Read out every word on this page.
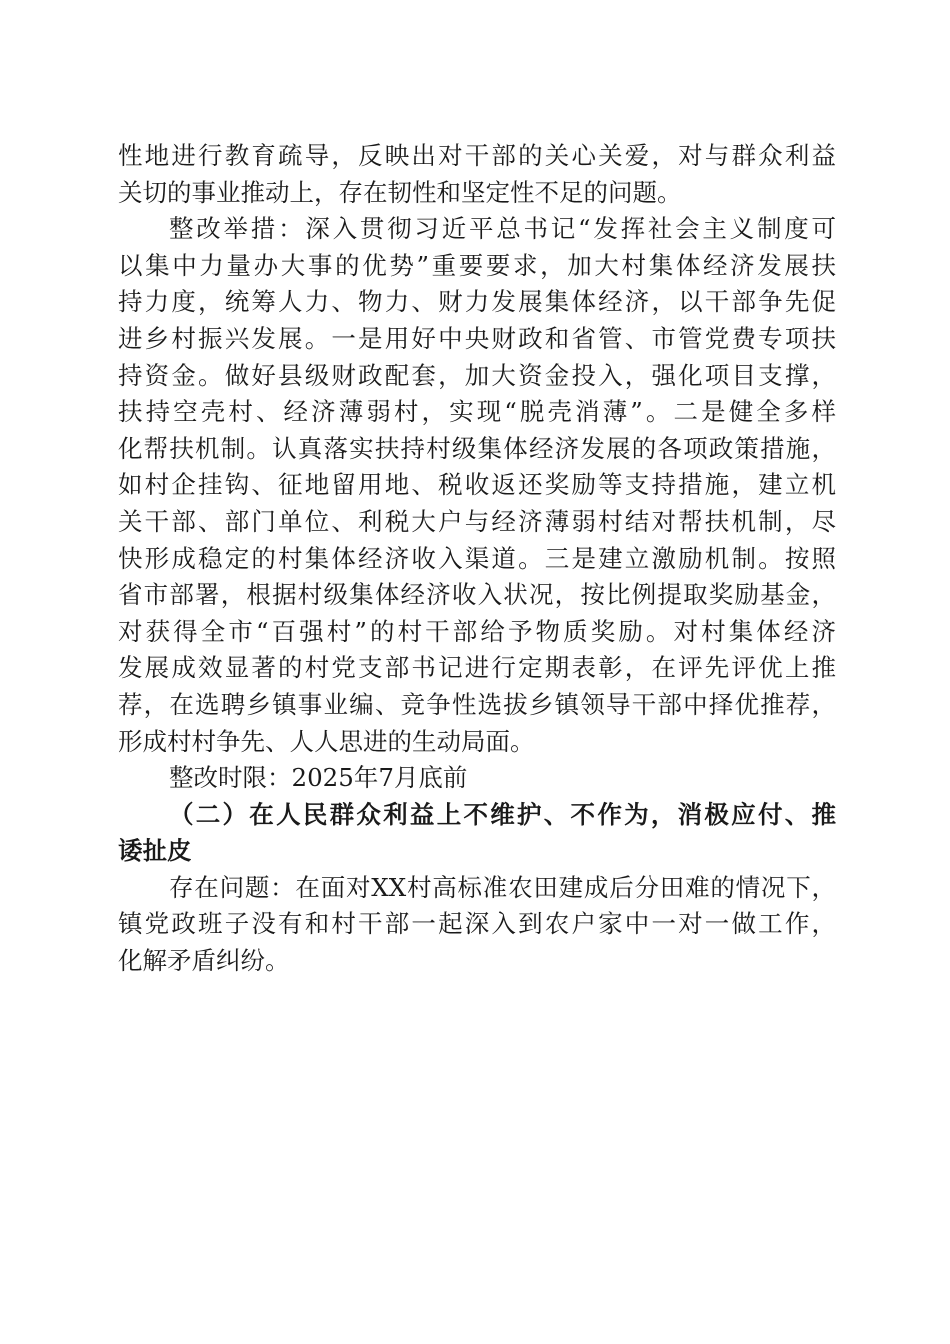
性地进行教育疏导，反映出对干部的关心关爱，对与群众利益
关切的事业推动上，存在韧性和坚定性不足的问题。
整改举措：深入贯彻习近平总书记“发挥社会主义制度可
以集中力量办大事的优势”重要要求，加大村集体经济发展扶
持力度，统筹人力、物力、财力发展集体经济，以干部争先促
进乡村振兴发展。一是用好中央财政和省管、市管党费专项扶
持资金。做好县级财政配套，加大资金投入，强化项目支撑，
扶持空壳村、经济薄弱村，实现“脱壳消薄”。二是健全多样
化帮扶机制。认真落实扶持村级集体经济发展的各项政策措施，
如村企挂钩、征地留用地、税收返还奖励等支持措施，建立机
关干部、部门单位、利税大户与经济薄弱村结对帮扶机制，尽
快形成稳定的村集体经济收入渠道。三是建立激励机制。按照
省市部署，根据村级集体经济收入状况，按比例提取奖励基金，
对获得全市“百强村”的村干部给予物质奖励。对村集体经济
发展成效显著的村党支部书记进行定期表彰，在评先评优上推
荐，在选聘乡镇事业编、竞争性选拔乡镇领导干部中择优推荐，
形成村村争先、人人思进的生动局面。
整改时限：2025年7月底前
（二）在人民群众利益上不维护、不作为，消极应付、推
诿扯皮
存在问题：在面对XX村高标准农田建成后分田难的情况下，
镇党政班子没有和村干部一起深入到农户家中一对一做工作，
化解矛盾纠纷。
